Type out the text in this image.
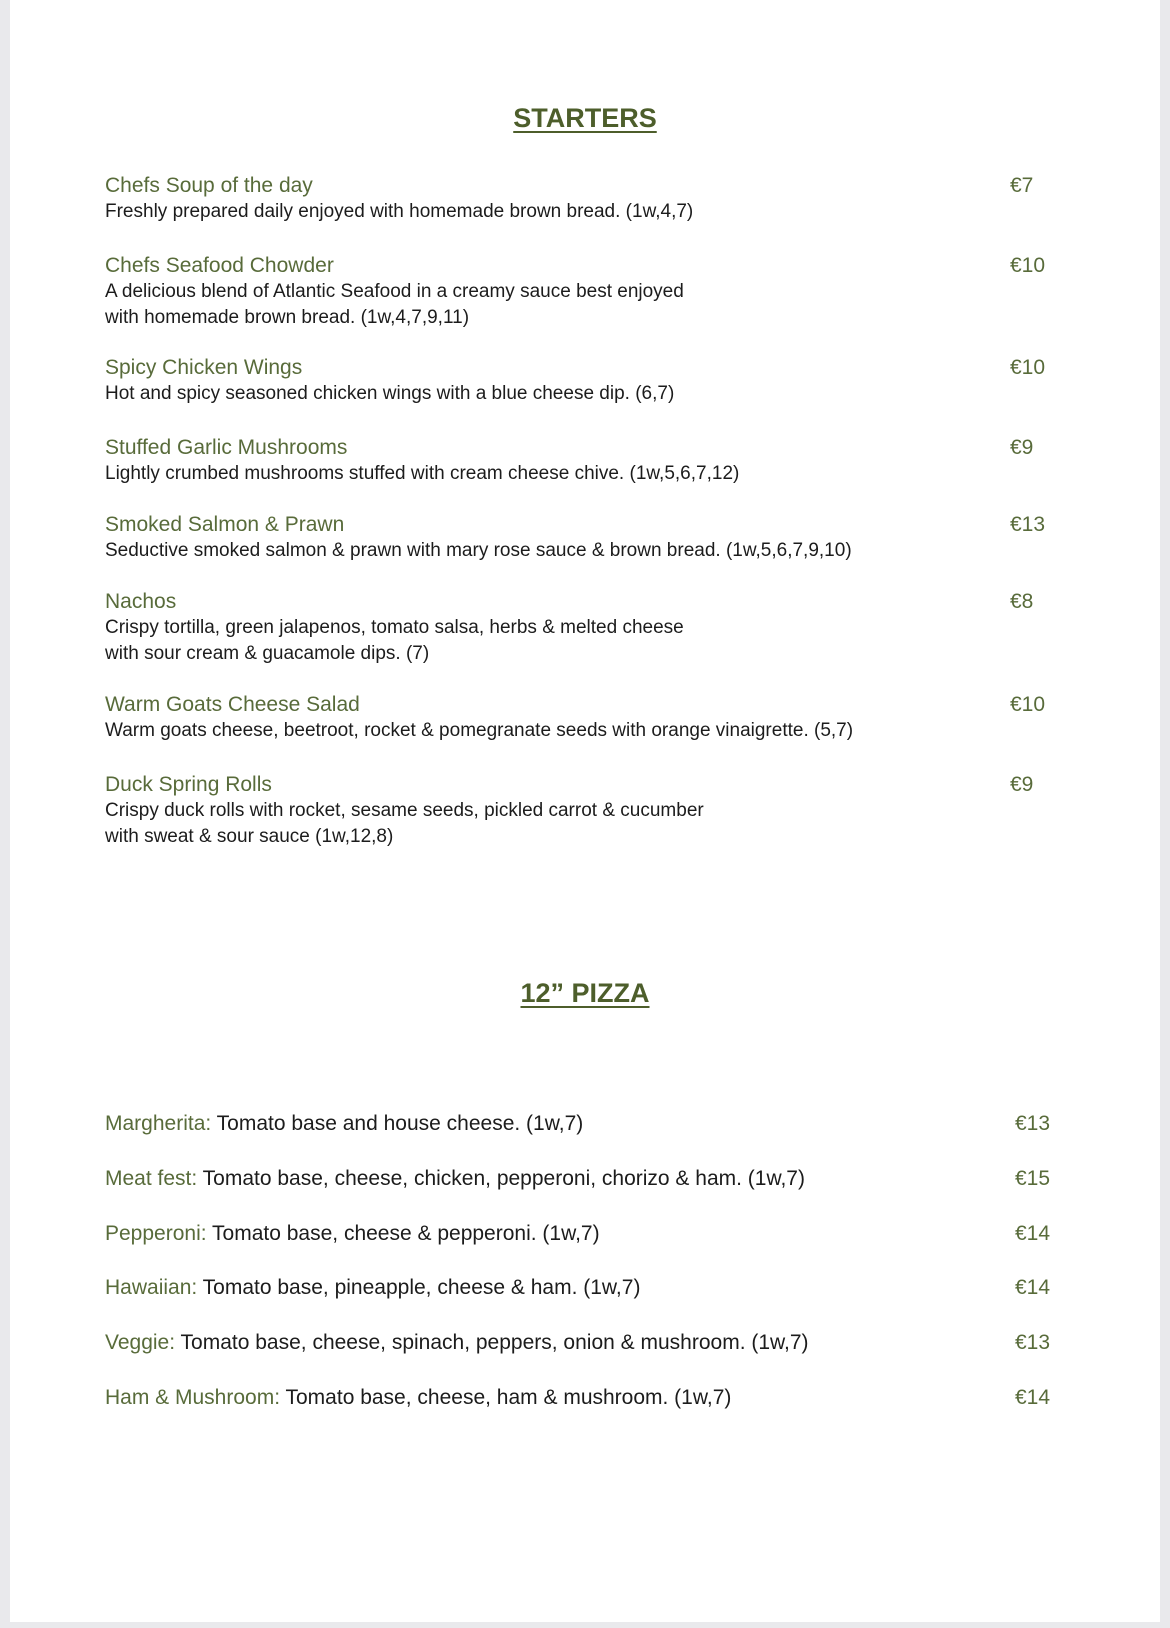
STARTERS
Chefs Soup of the day
Freshly prepared daily enjoyed with homemade brown bread. (1w,4,7)
€7
Chefs Seafood Chowder
A delicious blend of Atlantic Seafood in a creamy sauce best enjoyed
with homemade brown bread. (1w,4,7,9,11)
€10
Spicy Chicken Wings
Hot and spicy seasoned chicken wings with a blue cheese dip. (6,7)
€10
Stuffed Garlic Mushrooms
Lightly crumbed mushrooms stuffed with cream cheese chive. (1w,5,6,7,12)
€9
Smoked Salmon & Prawn
Seductive smoked salmon & prawn with mary rose sauce & brown bread. (1w,5,6,7,9,10)
€13
Nachos
Crispy tortilla, green jalapenos, tomato salsa, herbs & melted cheese
with sour cream & guacamole dips. (7)
€8
Warm Goats Cheese Salad
Warm goats cheese, beetroot, rocket & pomegranate seeds with orange vinaigrette. (5,7)
€10
Duck Spring Rolls
Crispy duck rolls with rocket, sesame seeds, pickled carrot & cucumber
with sweat & sour sauce (1w,12,8)
€9
12” PIZZA
Margherita: Tomato base and house cheese. (1w,7)	€13
Meat fest: Tomato base, cheese, chicken, pepperoni, chorizo & ham. (1w,7)	€15
Pepperoni: Tomato base, cheese & pepperoni. (1w,7)	€14
Hawaiian: Tomato base, pineapple, cheese & ham. (1w,7)	€14
Veggie: Tomato base, cheese, spinach, peppers, onion & mushroom. (1w,7)	€13
Ham & Mushroom: Tomato base, cheese, ham & mushroom. (1w,7)	€14
